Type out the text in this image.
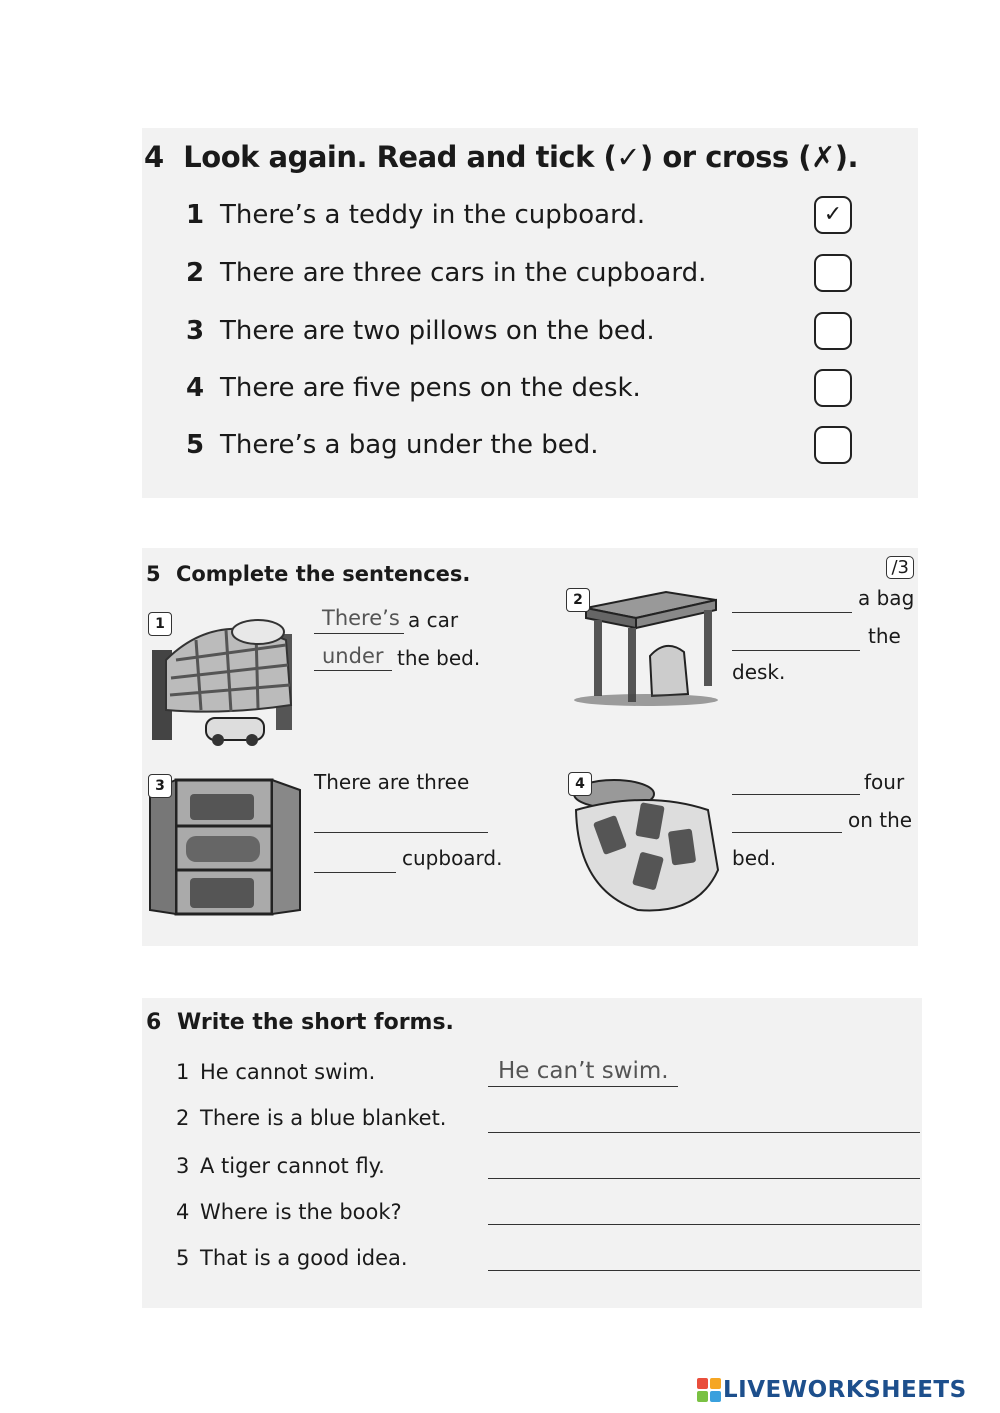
4 Look again. Read and tick (✓) or cross (✗).
1 There’s a teddy in the cupboard.	✓
2 There are three cars in the cupboard.
3 There are two pillows on the bed.
4 There are five pens on the desk.
5 There’s a bag under the bed.
5 Complete the sentences.	/3
1	There’s a car
under the bed.
2	a bag
the
desk.
3	There are three
cupboard.
4	four
on the
bed.
6 Write the short forms.
1 He cannot swim.	He can’t swim.
2 There is a blue blanket.
3 A tiger cannot fly.
4 Where is the book?
5 That is a good idea.
LIVEWORKSHEETS
